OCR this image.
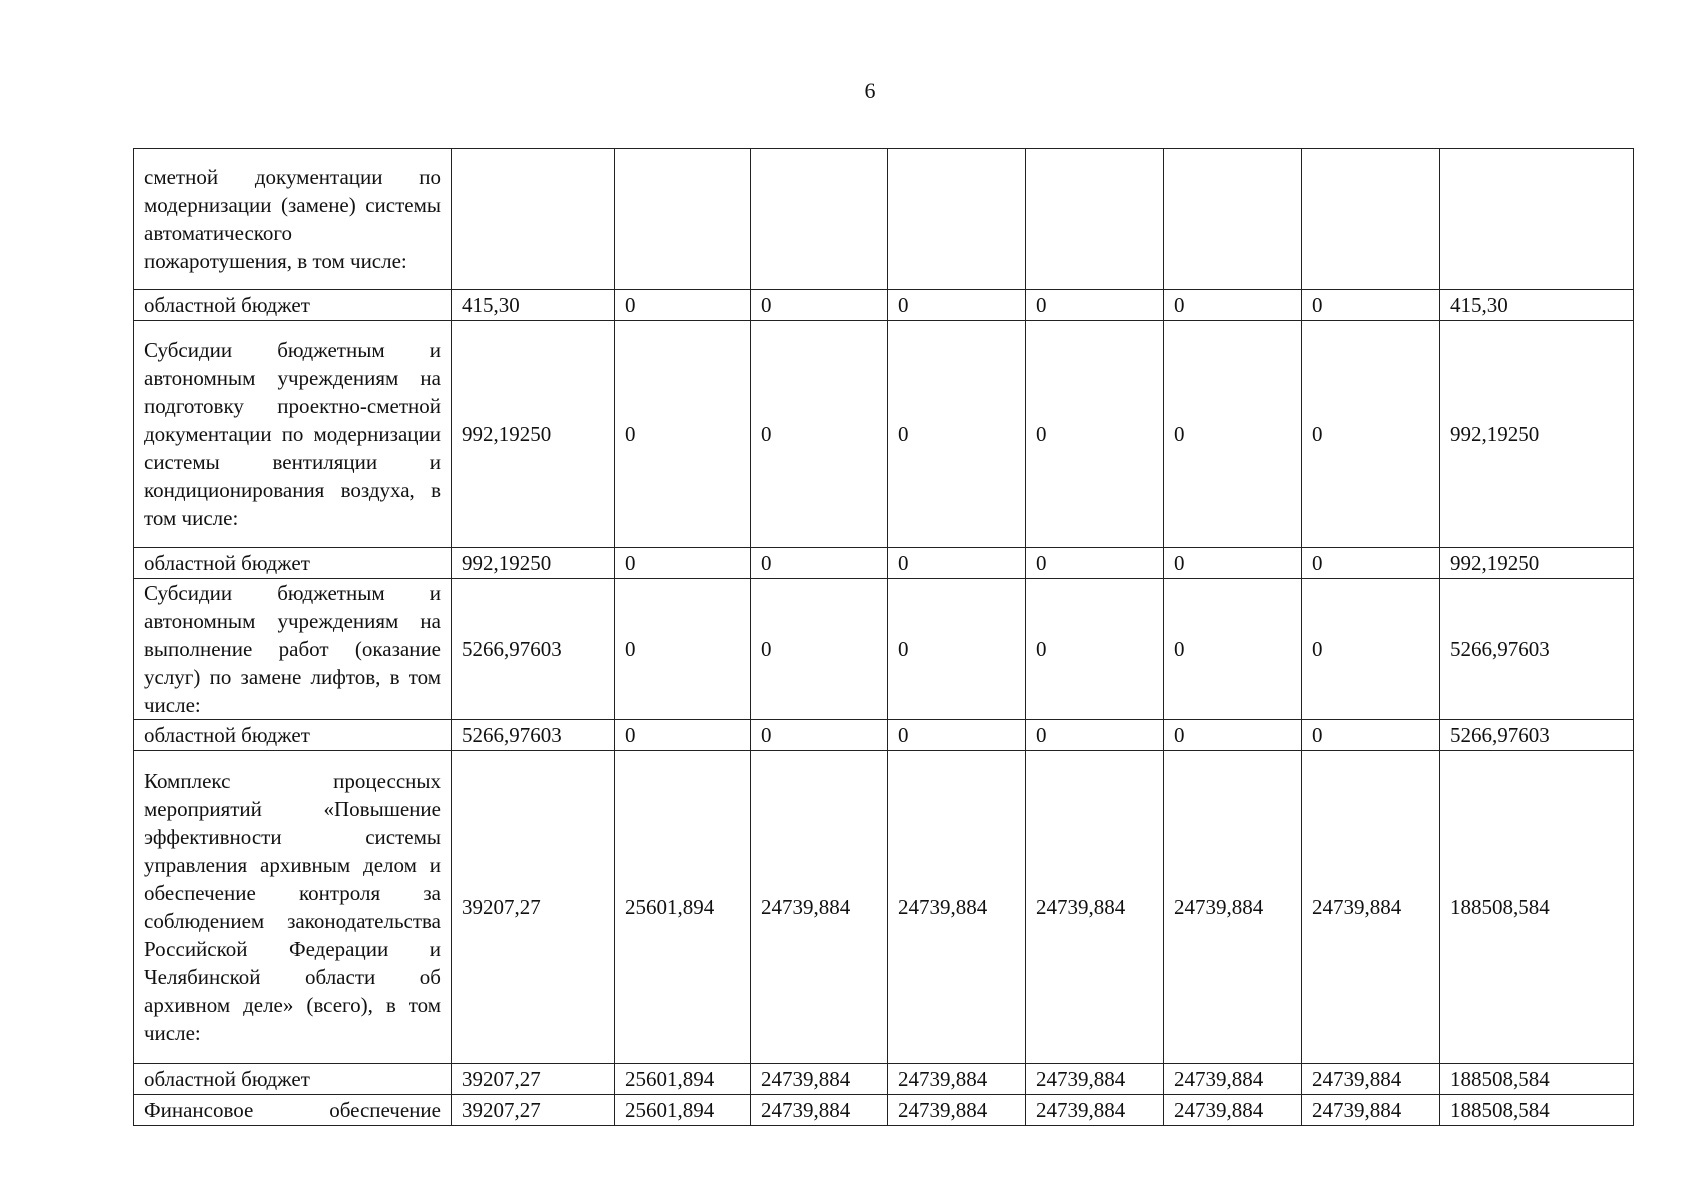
6
сметной документации по модернизации (замене) системы автоматического пожаротушения, в том числе:								
областной бюджет	415,30	0	0	0	0	0	0	415,30
Субсидии бюджетным и автономным учреждениям на подготовку проектно-сметной документации по модернизации системы вентиляции и кондиционирования воздуха, в том числе:	992,19250	0	0	0	0	0	0	992,19250
областной бюджет	992,19250	0	0	0	0	0	0	992,19250
Субсидии бюджетным и автономным учреждениям на выполнение работ (оказание услуг) по замене лифтов, в том числе:	5266,97603	0	0	0	0	0	0	5266,97603
областной бюджет	5266,97603	0	0	0	0	0	0	5266,97603
Комплекс процессных мероприятий «Повышение эффективности системы управления архивным делом и обеспечение контроля за соблюдением законодательства Российской Федерации и Челябинской области об архивном деле» (всего), в том числе:	39207,27	25601,894	24739,884	24739,884	24739,884	24739,884	24739,884	188508,584
областной бюджет	39207,27	25601,894	24739,884	24739,884	24739,884	24739,884	24739,884	188508,584
Финансовое обеспечение	39207,27	25601,894	24739,884	24739,884	24739,884	24739,884	24739,884	188508,584
